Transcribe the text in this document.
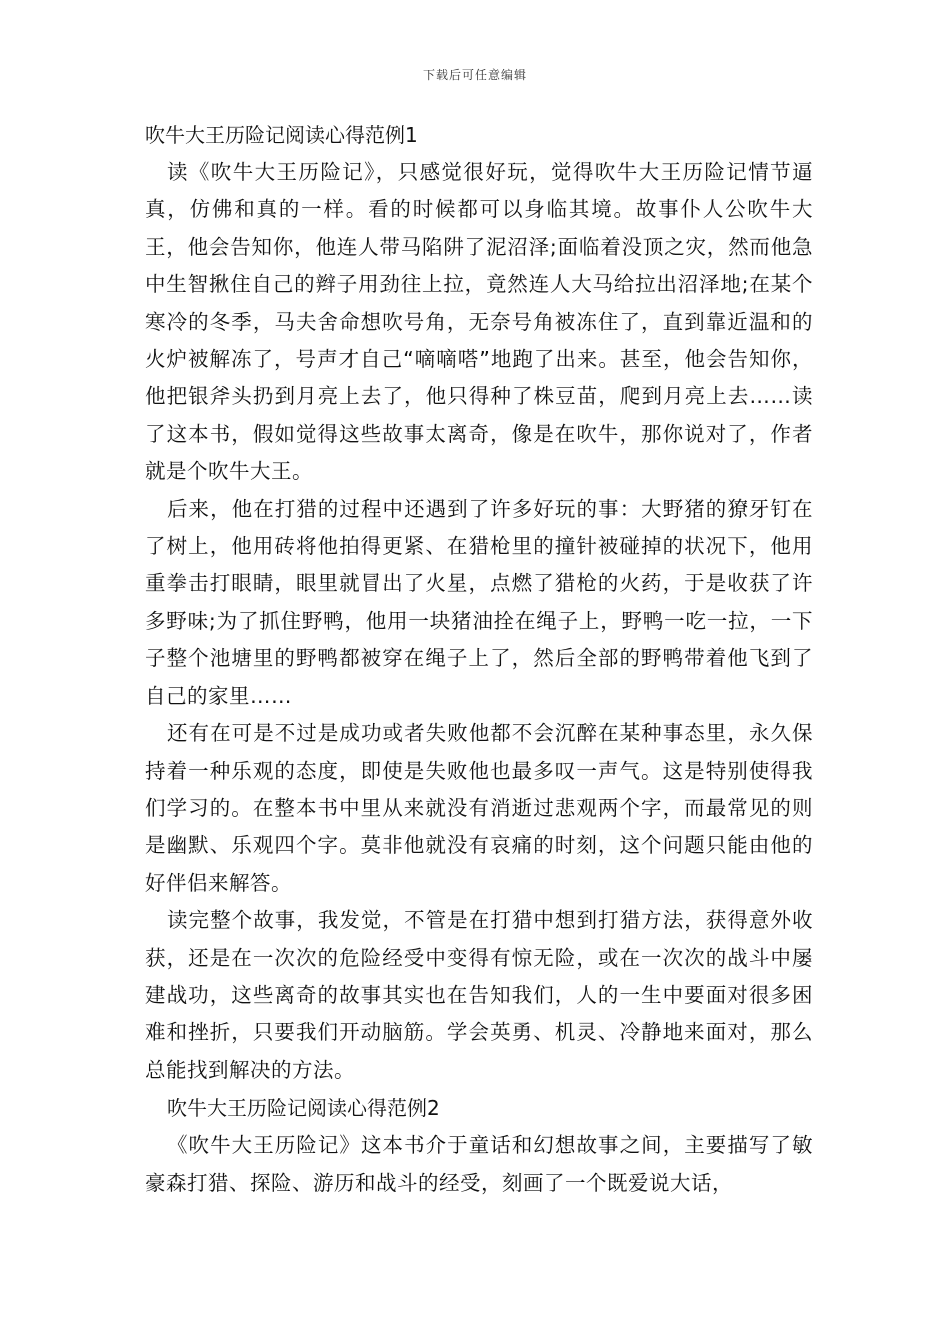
下载后可任意编辑
吹牛大王历险记阅读心得范例1

读《吹牛大王历险记》，只感觉很好玩，觉得吹牛大王历险记情节逼真，仿佛和真的一样。看的时候都可以身临其境。故事仆人公吹牛大王，他会告知你，他连人带马陷阱了泥沼泽;面临着没顶之灾，然而他急中生智揪住自己的辫子用劲往上拉，竟然连人大马给拉出沼泽地;在某个寒冷的冬季，马夫舍命想吹号角，无奈号角被冻住了，直到靠近温和的火炉被解冻了，号声才自己“嘀嘀嗒”地跑了出来。甚至，他会告知你，他把银斧头扔到月亮上去了，他只得种了株豆苗，爬到月亮上去……读了这本书，假如觉得这些故事太离奇，像是在吹牛，那你说对了，作者就是个吹牛大王。

后来，他在打猎的过程中还遇到了许多好玩的事：大野猪的獠牙钉在了树上，他用砖将他拍得更紧、在猎枪里的撞针被碰掉的状况下，他用重拳击打眼睛，眼里就冒出了火星，点燃了猎枪的火药，于是收获了许多野味;为了抓住野鸭，他用一块猪油拴在绳子上，野鸭一吃一拉，一下子整个池塘里的野鸭都被穿在绳子上了，然后全部的野鸭带着他飞到了自己的家里……

还有在可是不过是成功或者失败他都不会沉醉在某种事态里，永久保持着一种乐观的态度，即使是失败他也最多叹一声气。这是特别使得我们学习的。在整本书中里从来就没有消逝过悲观两个字，而最常见的则是幽默、乐观四个字。莫非他就没有哀痛的时刻，这个问题只能由他的好伴侣来解答。

读完整个故事，我发觉，不管是在打猎中想到打猎方法，获得意外收获，还是在一次次的危险经受中变得有惊无险，或在一次次的战斗中屡建战功，这些离奇的故事其实也在告知我们，人的一生中要面对很多困难和挫折，只要我们开动脑筋。学会英勇、机灵、冷静地来面对，那么总能找到解决的方法。

吹牛大王历险记阅读心得范例2

《吹牛大王历险记》这本书介于童话和幻想故事之间，主要描写了敏豪森打猎、探险、游历和战斗的经受，刻画了一个既爱说大话，
